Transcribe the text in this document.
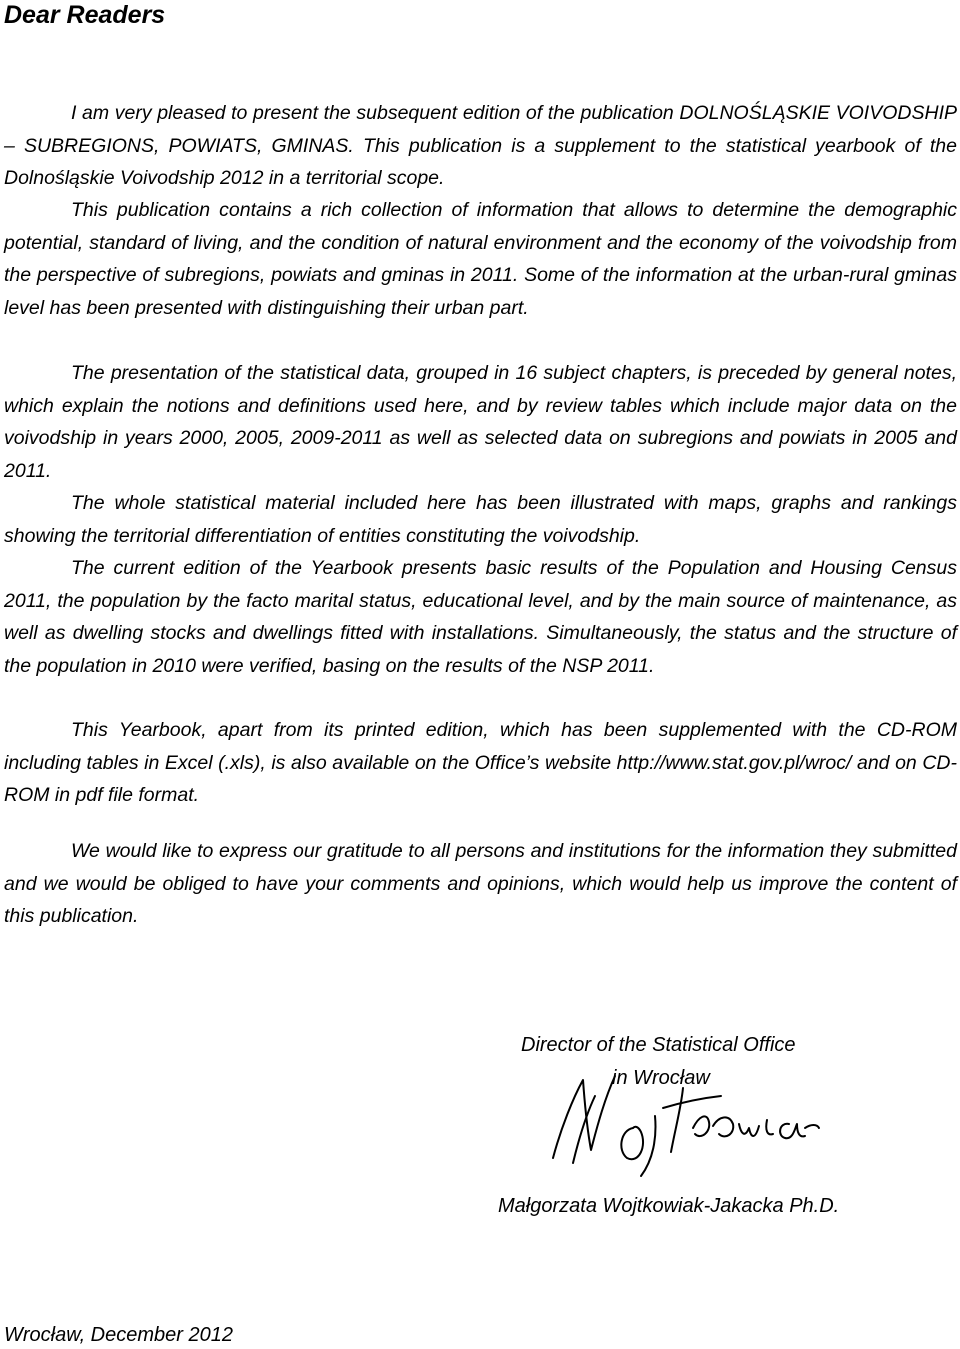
Dear Readers

I am very pleased to present the subsequent edition of the publication DOLNOŚLĄSKIE VOIVODSHIP – SUBREGIONS, POWIATS, GMINAS. This publication is a supplement to the statistical yearbook of the Dolnośląskie Voivodship 2012 in a territorial scope.

This publication contains a rich collection of information that allows to determine the demographic potential, standard of living, and the condition of natural environment and the economy of the voivodship from the perspective of subregions, powiats and gminas in 2011. Some of the information at the urban-rural gminas level has been presented with distinguishing their urban part.

The presentation of the statistical data, grouped in 16 subject chapters, is preceded by general notes, which explain the notions and definitions used here, and by review tables which include major data on the voivodship in years 2000, 2005, 2009-2011 as well as selected data on subregions and powiats in 2005 and 2011.

The whole statistical material included here has been illustrated with maps, graphs and rankings showing the territorial differentiation of entities constituting the voivodship.

The current edition of the Yearbook presents basic results of the Population and Housing Census 2011, the population by the facto marital status, educational level, and by the main source of maintenance, as well as dwelling stocks and dwellings fitted with installations. Simultaneously, the status and the structure of the population in 2010 were verified, basing on the results of the NSP 2011.

This Yearbook, apart from its printed edition, which has been supplemented with the CD-ROM including tables in Excel (.xls), is also available on the Office’s website http://www.stat.gov.pl/wroc/ and on CD-ROM in pdf file format.

We would like to express our gratitude to all persons and institutions for the information they submitted and we would be obliged to have your comments and opinions, which would help us improve the content of this publication.

Director of the Statistical Office
in Wrocław
Małgorzata Wojtkowiak-Jakacka Ph.D.
Wrocław, December 2012
